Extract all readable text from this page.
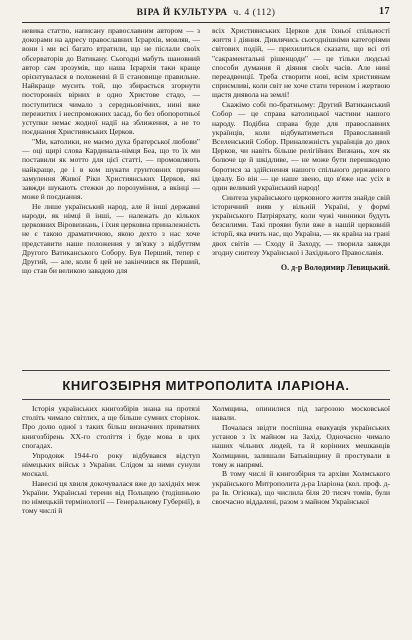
ВІРА Й КУЛЬТУРА ч. 4 (112)	17

невика статтю, написану православним автором — з докорами на адресу православних Ієрархів, мовляв, — вони і ми всі багато втратили, що не післали своїх обсерваторів до Ватикану. Сьогодні мабуть шановний автор сам зрозумів, що наша Ієрархія таки краще орієнтувалася в положенні й її становище правильне. Найкраще мусить той, що збирається згорнути посторонніх вірних в одно Христове стадо, — поступитися чимало з середньовічних, нині вже пережитих і неспроможних засад, бо без обопоротньої уступки немає жодної надії на зближення, а не то поєднання Християнських Церков.

"Ми, католики, не маємо духа братерської любови" — оці щирі слова Кардинала-німця Беа, що то їх ми поставили як мотто для цієї статті, — промовляють найкраще, де і в ком шукати грунтовних причин замулення Живої Ріки Християнських Церков, які завжди шукають стежки до порозуміння, а вкінці — може й поєднання.

Не лише український народ, але й інші державні народи, як німці й інші, — належать до кількох церковних Віровизнань, і їхня церковна приналежність не є такою драматичною, якою дехто з нас хоче представити наше положення у зв'язку з відбуттям Другого Ватиканського Собору. Був Перший, тепер є Другий, — але, коли б цей не закінчився як Перший, що став би великою завадою для

всіх Християнських Церков для їхньої спільності життя і діяння. Дивлячись сьогоднішніми категоріями світових подій, — прихилиться сказати, що всі оті "сакраментальні рішенцоди" — це тільки людські способи думання й діяння своїх часів. Але нині переадвенції. Треба створити нові, всім християнам сприємливі, коли світ не хоче стати тереном і жертвою щастя диявола на землі!

Скажімо собі по-братньому: Другий Ватиканський Собор — це справа католицької частини нашого народу. Подібна справа буде для православних українців, коли відбуватиметься Православний Вселенський Собор. Приналежність українців до двох Церков, чи навіть більше релігійних Визнань, хоч як болюче це й шкідливе, — не може бути перешкодою боротися за здійснення нашого спільного державного ідеалу. Бо він — це наше звено, що в'яже нас усіх в один великий український народ!

Синтеза українського церковного життя знайде свій історичний вияв у вільній Україні, у формі українського Патріярхату, коли чужі чинники будуть безсилими. Такі прояви були вже в нашій церковній історії, яка вчить нас, що Україна, — як країна на грані двох світів — Сходу й Заходу, — творила завжди згодну синтезу Української і Західнього Православія.

О. д-р Володимир Левицький.
КНИГОЗБІРНЯ МИТРОПОЛИТА ІЛАРІОНА.

Історія українських книгозбірів знана на протязі століть чимало світлих, а ще більше сумних сторінок. Про долю одної з таких більш визначних приватних книгозбірень ХХ-го століття і буде мова в цих спогадах.

Упродовж 1944-го року відбувався відступ німецьких військ з України. Слідом за ними сунули москалі.

Навесні ця хвиля докочувалася вже до західніх меж України. Українські терени від Польщею (тодішньою по німецькій термінології — Генеральному Губернії), в тому числі й

Холмщина, опинилися під загрозою московської навали.

Почалася звідти поспішна евакуація українських установ з їх майном на Захід. Одночасно чимало наших чільних людей, та й корінних мешканців Холмщини, залишали Батьківщину й простували в тому ж напрямі.

В тому числі й книгозбірня та архіви Холмського українського Митрополита д-ра Іларіона (кол. проф. д-ра Ів. Огієнка), що числила біля 20 тисяч томів, були своєчасно віддалені, разом з майном Української
